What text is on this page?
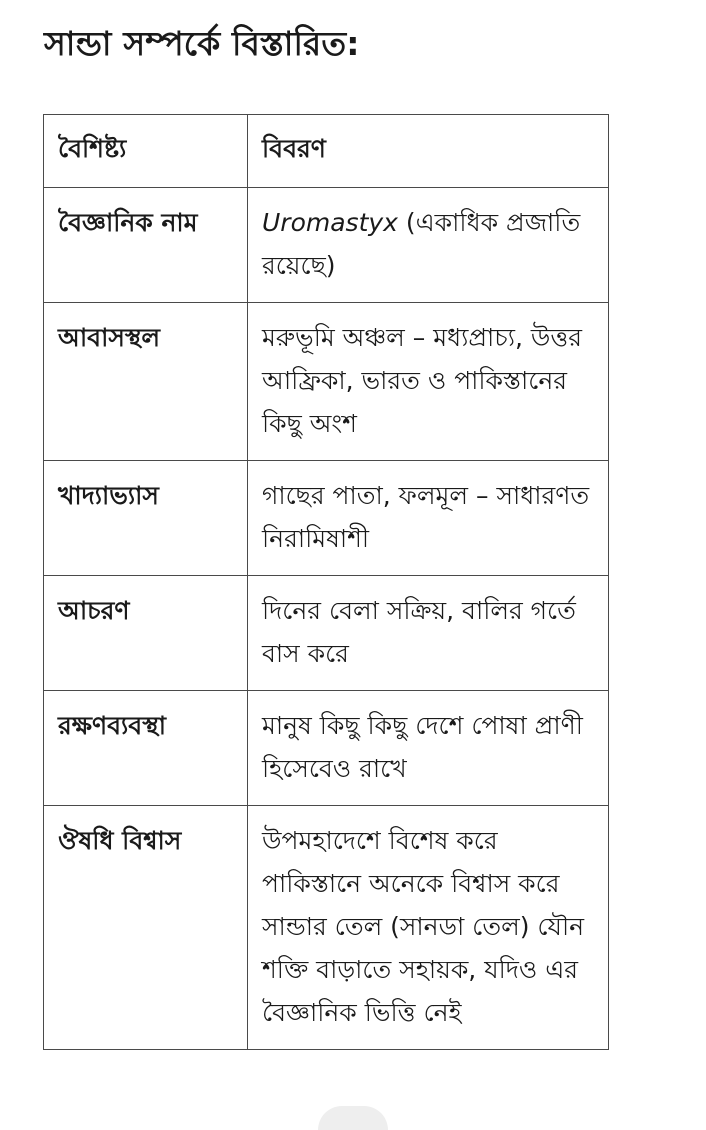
সান্ডা সম্পর্কে বিস্তারিত:
বৈশিষ্ট্য	বিবরণ
বৈজ্ঞানিক নাম	Uromastyx (একাধিক প্রজাতি রয়েছে)
আবাসস্থল	মরুভূমি অঞ্চল – মধ্যপ্রাচ্য, উত্তর আফ্রিকা, ভারত ও পাকিস্তানের কিছু অংশ
খাদ্যাভ্যাস	গাছের পাতা, ফলমূল – সাধারণত নিরামিষাশী
আচরণ	দিনের বেলা সক্রিয়, বালির গর্তে বাস করে
রক্ষণব্যবস্থা	মানুষ কিছু কিছু দেশে পোষা প্রাণী হিসেবেও রাখে
ঔষধি বিশ্বাস	উপমহাদেশে বিশেষ করে পাকিস্তানে অনেকে বিশ্বাস করে সান্ডার তেল (সানডা তেল) যৌন শক্তি বাড়াতে সহায়ক, যদিও এর বৈজ্ঞানিক ভিত্তি নেই
